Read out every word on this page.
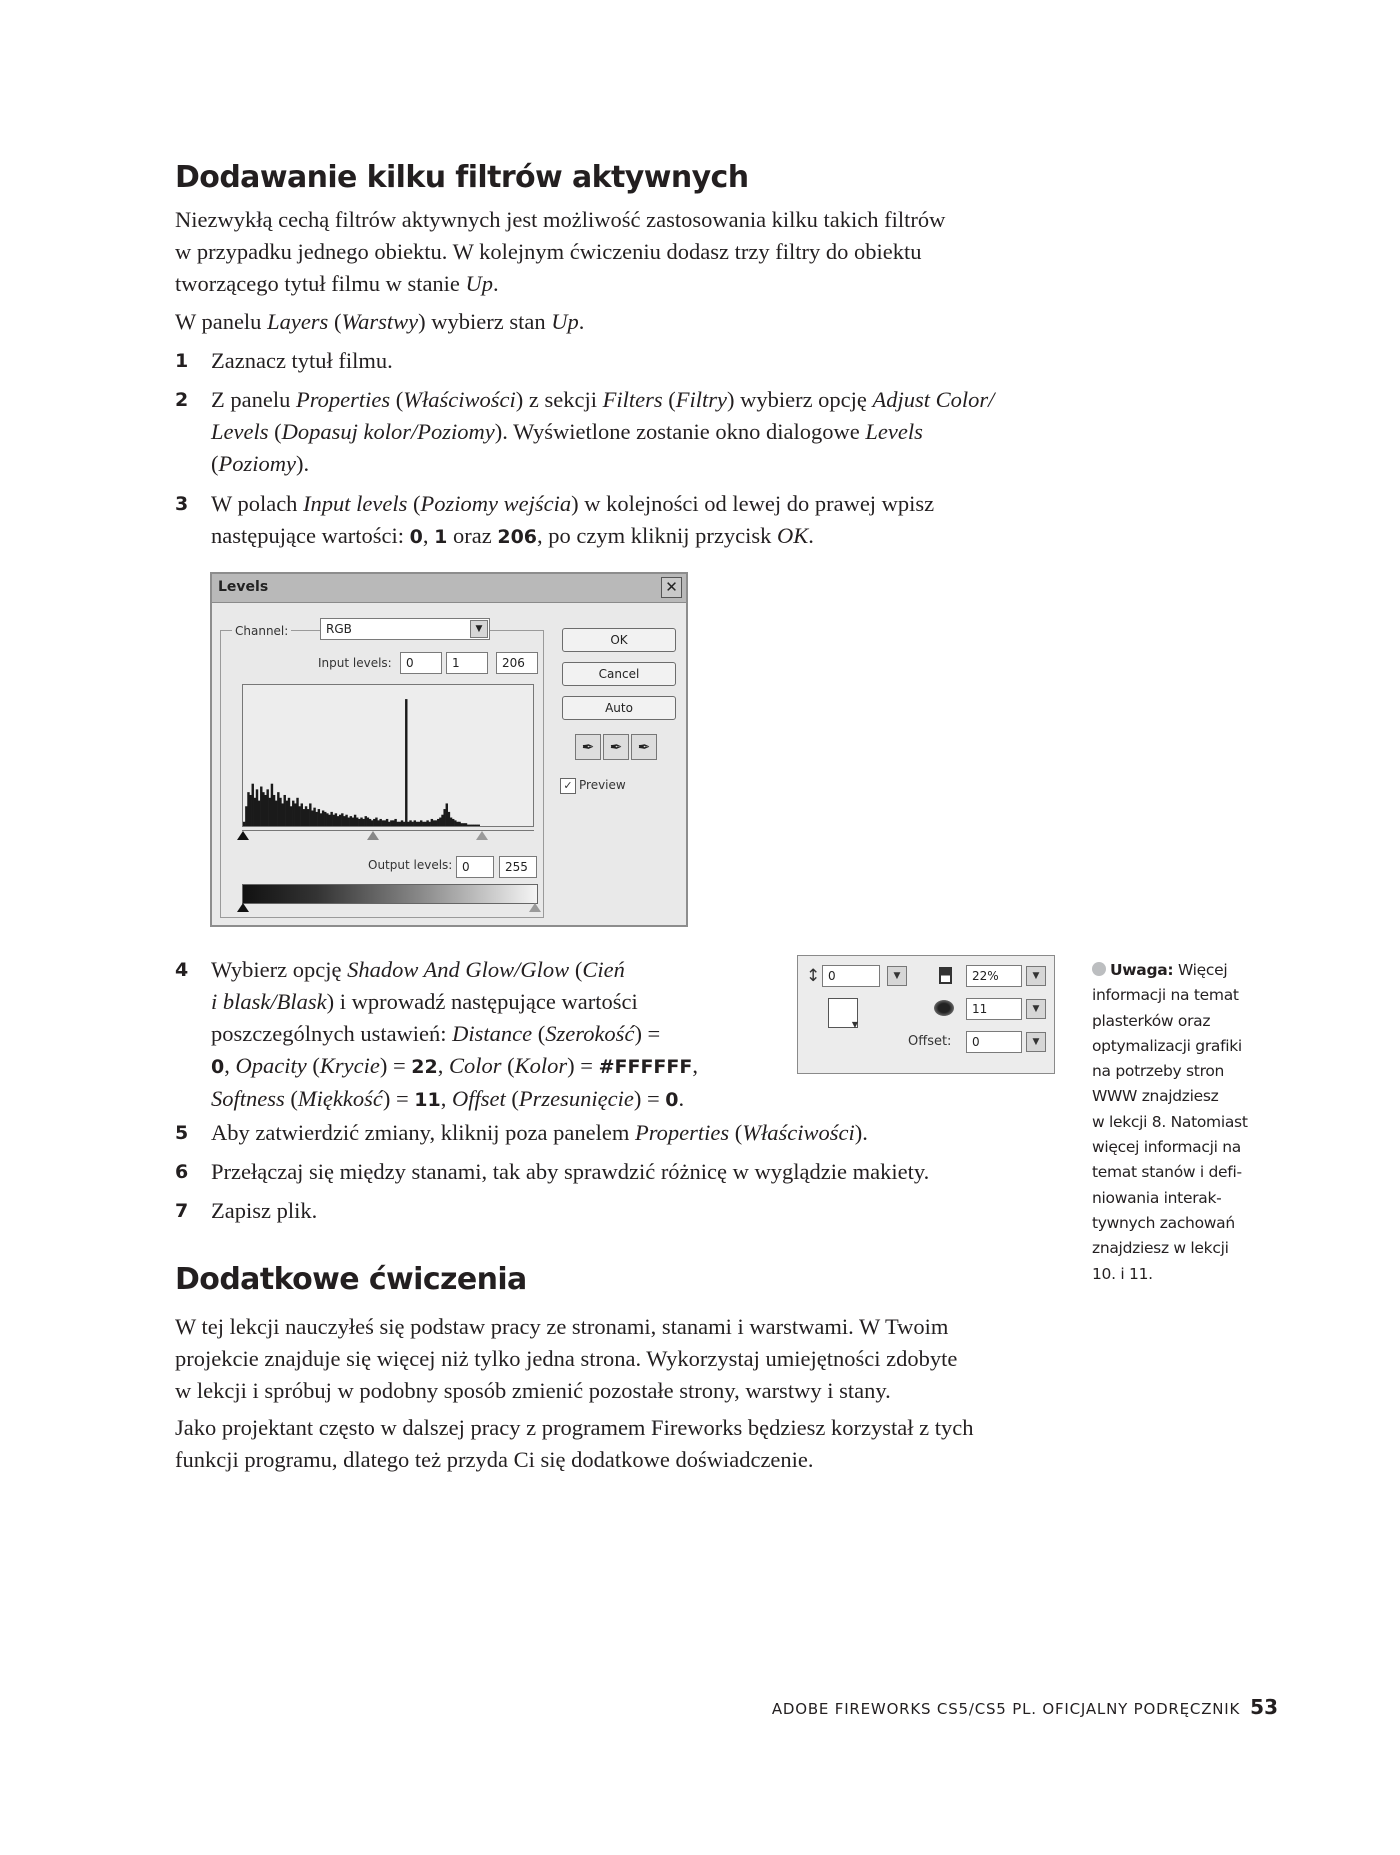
Dodawanie kilku filtrów aktywnych

Niezwykłą cechą filtrów aktywnych jest możliwość zastosowania kilku takich filtrów
w przypadku jednego obiektu. W kolejnym ćwiczeniu dodasz trzy filtry do obiektu
tworzącego tytuł filmu w stanie Up.

W panelu Layers (Warstwy) wybierz stan Up.

1 Zaznacz tytuł filmu.
2 Z panelu Properties (Właściwości) z sekcji Filters (Filtry) wybierz opcję Adjust Color/
Levels (Dopasuj kolor/Poziomy). Wyświetlone zostanie okno dialogowe Levels
(Poziomy).
3 W polach Input levels (Poziomy wejścia) w kolejności od lewej do prawej wpisz
następujące wartości: 0, 1 oraz 206, po czym kliknij przycisk OK.
Levels	✕
Output levels: 0	255
Channel:	RGB	▼
Input levels:	0	1	206
OK
Cancel
Auto
✒	✒	✒
✓ Preview
4 Wybierz opcję Shadow And Glow/Glow (Cień
i blask/Blask) i wprowadź następujące wartości
poszczególnych ustawień: Distance (Szerokość) =
0, Opacity (Krycie) = 22, Color (Kolor) = #FFFFFF,
Softness (Miękkość) = 11, Offset (Przesunięcie) = 0.
↕ 0	▼	22%	▼
▼
11	▼
Offset:	0	▼
5 Aby zatwierdzić zmiany, kliknij poza panelem Properties (Właściwości).
6 Przełączaj się między stanami, tak aby sprawdzić różnicę w wyglądzie makiety.
7 Zapisz plik.
Dodatkowe ćwiczenia

W tej lekcji nauczyłeś się podstaw pracy ze stronami, stanami i warstwami. W Twoim
projekcie znajduje się więcej niż tylko jedna strona. Wykorzystaj umiejętności zdobyte
w lekcji i spróbuj w podobny sposób zmienić pozostałe strony, warstwy i stany.

Jako projektant często w dalszej pracy z programem Fireworks będziesz korzystał z tych
funkcji programu, dlatego też przyda Ci się dodatkowe doświadczenie.

Uwaga: Więcej
informacji na temat
plasterków oraz
optymalizacji grafiki
na potrzeby stron
WWW znajdziesz
w lekcji 8. Natomiast
więcej informacji na
temat stanów i defi-
niowania interak-
tywnych zachowań
znajdziesz w lekcji
10. i 11.
ADOBE FIREWORKS CS5/CS5 PL. OFICJALNY PODRĘCZNIK 53
